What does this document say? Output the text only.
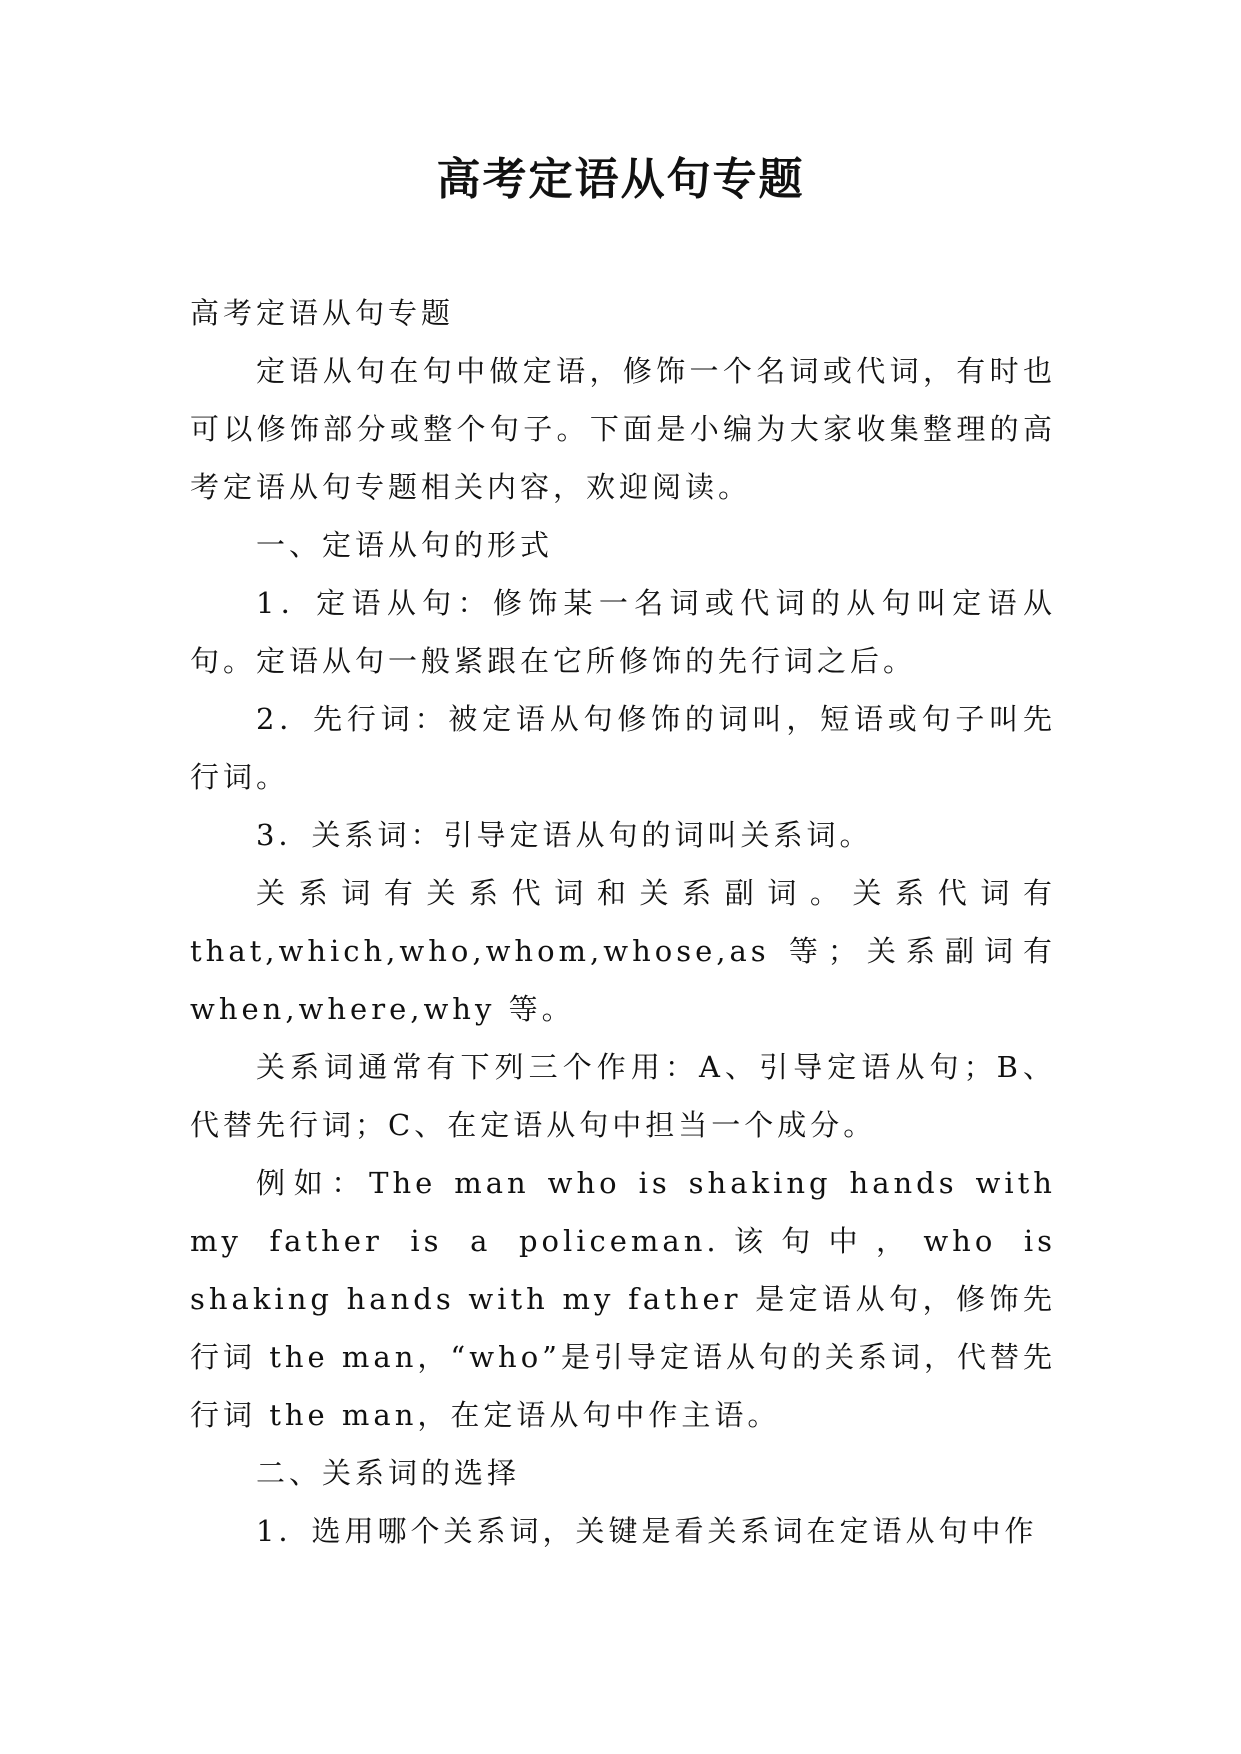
高考定语从句专题

高考定语从句专题

定语从句在句中做定语，修饰一个名词或代词，有时也可以修饰部分或整个句子。下面是小编为大家收集整理的高考定语从句专题相关内容，欢迎阅读。

一、定语从句的形式

1．定语从句：修饰某一名词或代词的从句叫定语从句。定语从句一般紧跟在它所修饰的先行词之后。

2．先行词：被定语从句修饰的词叫，短语或句子叫先行词。

3．关系词：引导定语从句的词叫关系词。

关系词有关系代词和关系副词。关系代词有that,which,who,whom,whose,as 等；关系副词有when,where,why 等。

关系词通常有下列三个作用：A、引导定语从句；B、代替先行词；C、在定语从句中担当一个成分。

例如：The man who is shaking hands with my father is a policeman.该句中，who is shaking hands with my father 是定语从句，修饰先行词 the man，“who”是引导定语从句的关系词，代替先行词 the man，在定语从句中作主语。

二、关系词的选择

1．选用哪个关系词，关键是看关系词在定语从句中作
